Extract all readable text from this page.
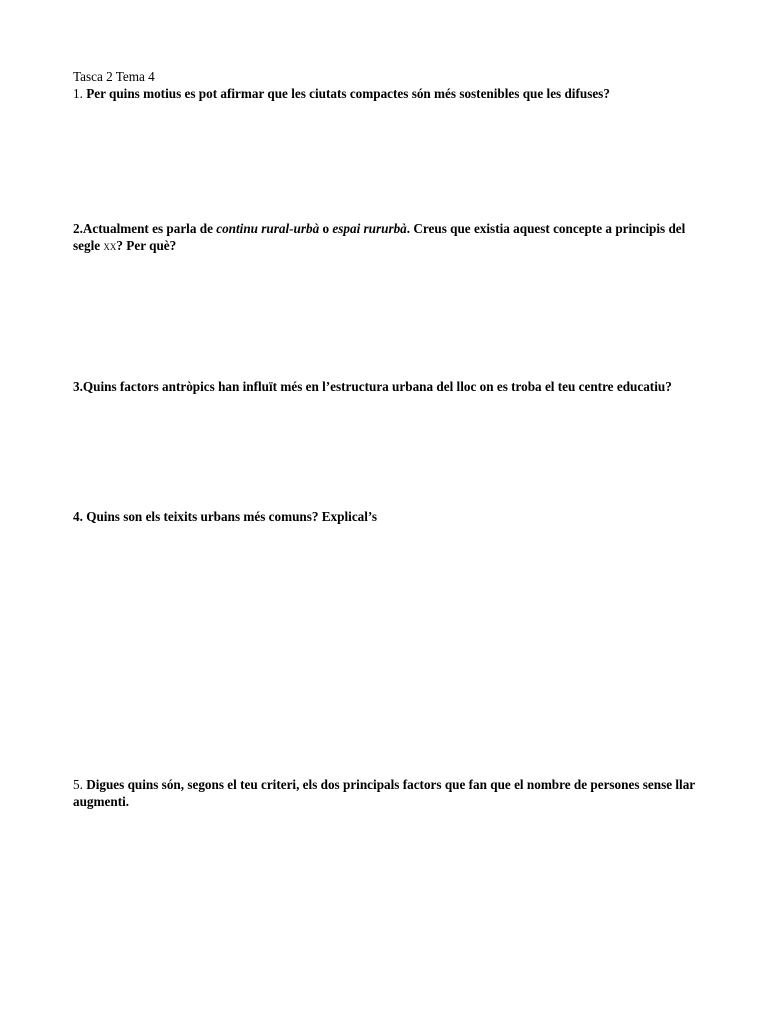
Tasca 2 Tema 4
1. Per quins motius es pot afirmar que les ciutats compactes són més sostenibles que les difuses?
2.Actualment es parla de continu rural-urbà o espai rururbà. Creus que existia aquest concepte a principis del segle xx? Per què?
3.Quins factors antròpics han influït més en l’estructura urbana del lloc on es troba el teu centre educatiu?
4. Quins son els teixits urbans més comuns? Explical’s
5. Digues quins són, segons el teu criteri, els dos principals factors que fan que el nombre de persones sense llar augmenti.
